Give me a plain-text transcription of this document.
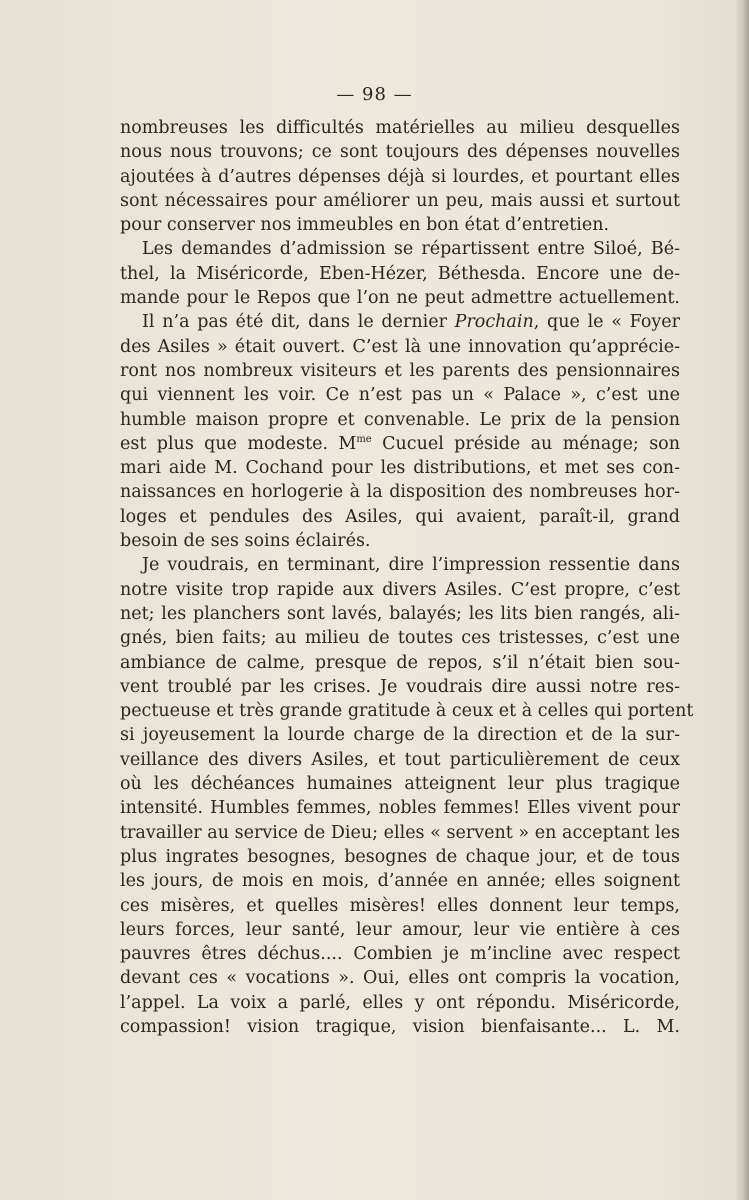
— 98 —
nombreuses les difficultés matérielles au milieu desquelles
nous nous trouvons; ce sont toujours des dépenses nouvelles
ajoutées à d’autres dépenses déjà si lourdes, et pourtant elles
sont nécessaires pour améliorer un peu, mais aussi et surtout
pour conserver nos immeubles en bon état d’entretien.
Les demandes d’admission se répartissent entre Siloé, Bé-
thel, la Miséricorde, Eben-Hézer, Béthesda. Encore une de-
mande pour le Repos que l’on ne peut admettre actuellement.
Il n’a pas été dit, dans le dernier Prochain, que le « Foyer
des Asiles » était ouvert. C’est là une innovation qu’apprécie-
ront nos nombreux visiteurs et les parents des pensionnaires
qui viennent les voir. Ce n’est pas un « Palace », c’est une
humble maison propre et convenable. Le prix de la pension
est plus que modeste. $M^{me}$ Cucuel préside au ménage; son
mari aide M. Cochand pour les distributions, et met ses con-
naissances en horlogerie à la disposition des nombreuses hor-
loges et pendules des Asiles, qui avaient, paraît-il, grand
besoin de ses soins éclairés.
Je voudrais, en terminant, dire l’impression ressentie dans
notre visite trop rapide aux divers Asiles. C’est propre, c’est
net; les planchers sont lavés, balayés; les lits bien rangés, ali-
gnés, bien faits; au milieu de toutes ces tristesses, c’est une
ambiance de calme, presque de repos, s’il n’était bien sou-
vent troublé par les crises. Je voudrais dire aussi notre res-
pectueuse et très grande gratitude à ceux et à celles qui portent
si joyeusement la lourde charge de la direction et de la sur-
veillance des divers Asiles, et tout particulièrement de ceux
où les déchéances humaines atteignent leur plus tragique
intensité. Humbles femmes, nobles femmes! Elles vivent pour
travailler au service de Dieu; elles « servent » en acceptant les
plus ingrates besognes, besognes de chaque jour, et de tous
les jours, de mois en mois, d’année en année; elles soignent
ces misères, et quelles misères! elles donnent leur temps,
leurs forces, leur santé, leur amour, leur vie entière à ces
pauvres êtres déchus.... Combien je m’incline avec respect
devant ces « vocations ». Oui, elles ont compris la vocation,
l’appel. La voix a parlé, elles y ont répondu. Miséricorde,
compassion! vision tragique, vision bienfaisante... L. M.
